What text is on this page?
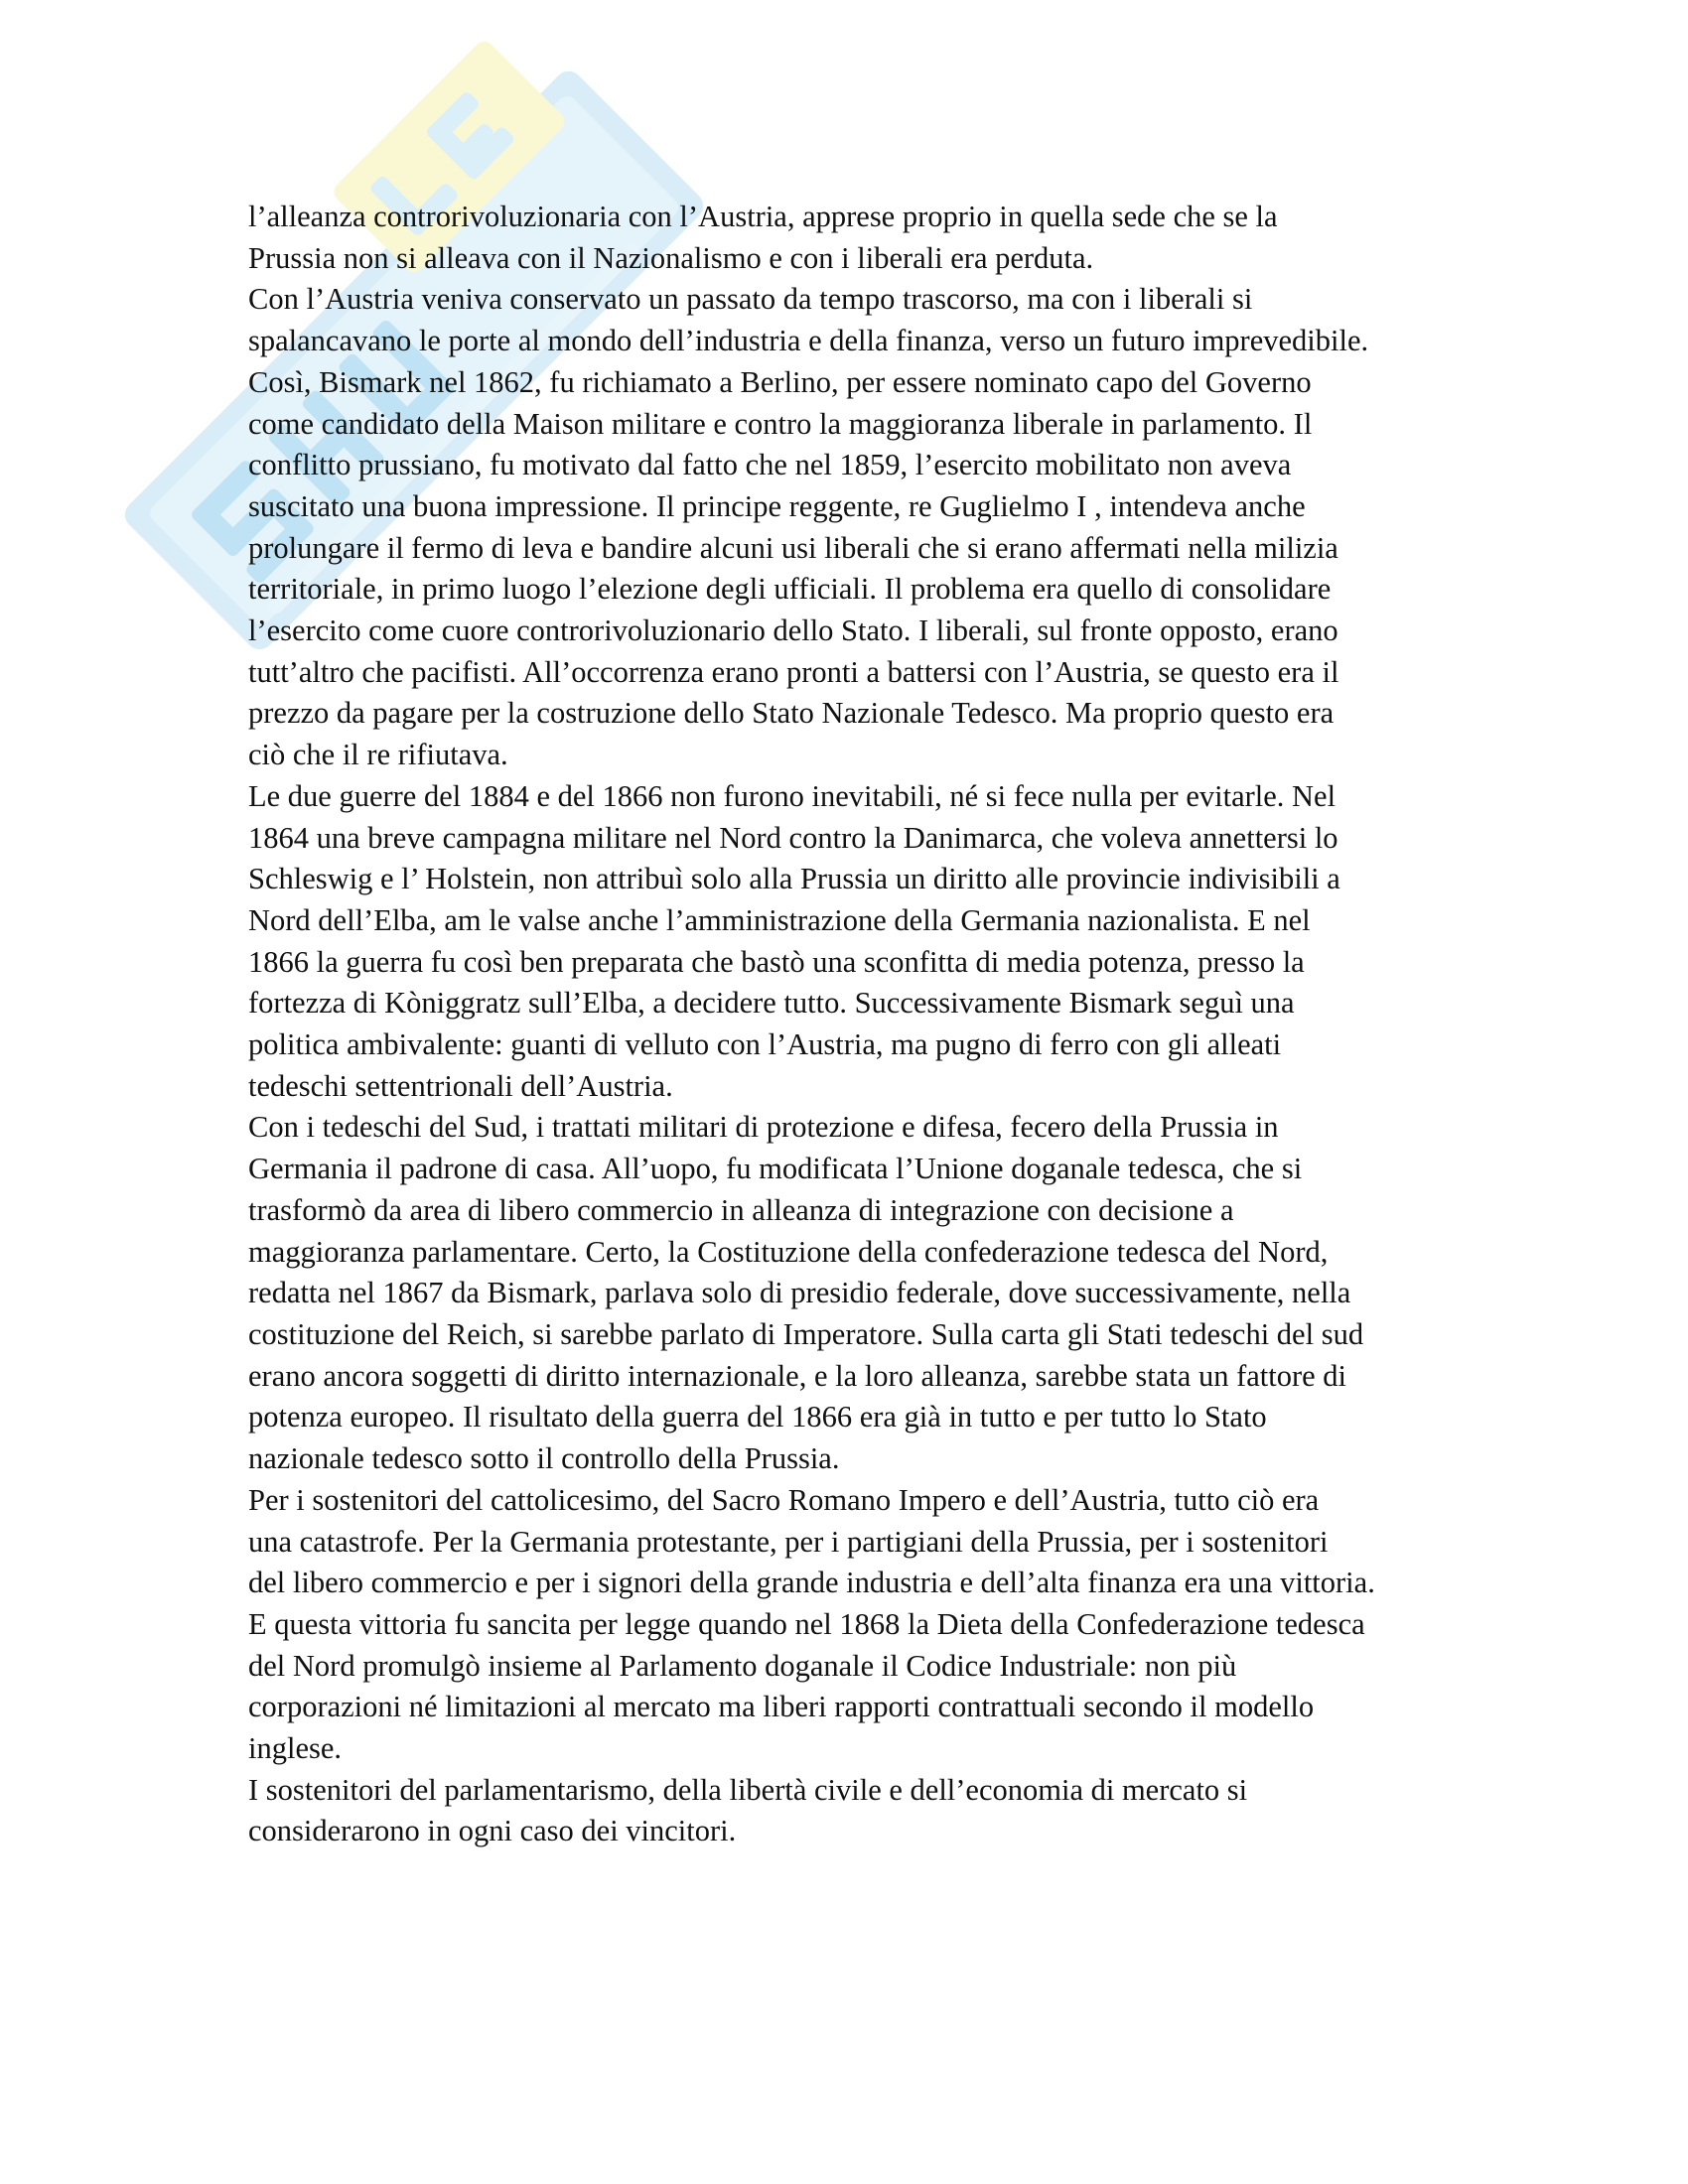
l’alleanza controrivoluzionaria con l’Austria, apprese proprio in quella sede che se la
Prussia non si alleava con il Nazionalismo e con i liberali era perduta.
Con l’Austria veniva conservato un passato da tempo trascorso, ma con i liberali si
spalancavano le porte al mondo dell’industria e della finanza, verso un futuro imprevedibile.
Così, Bismark nel 1862, fu richiamato a Berlino, per essere nominato capo del Governo
come candidato della Maison militare e contro la maggioranza liberale in parlamento. Il
conflitto prussiano, fu motivato dal fatto che nel 1859, l’esercito mobilitato non aveva
suscitato una buona impressione. Il principe reggente, re Guglielmo I , intendeva anche
prolungare il fermo di leva e bandire alcuni usi liberali che si erano affermati nella milizia
territoriale, in primo luogo l’elezione degli ufficiali. Il problema era quello di consolidare
l’esercito come cuore controrivoluzionario dello Stato. I liberali, sul fronte opposto, erano
tutt’altro che pacifisti. All’occorrenza erano pronti a battersi con l’Austria, se questo era il
prezzo da pagare per la costruzione dello Stato Nazionale Tedesco. Ma proprio questo era
ciò che il re rifiutava.
Le due guerre del 1884 e del 1866 non furono inevitabili, né si fece nulla per evitarle. Nel
1864 una breve campagna militare nel Nord contro la Danimarca, che voleva annettersi lo
Schleswig e l’ Holstein, non attribuì solo alla Prussia un diritto alle provincie indivisibili a
Nord dell’Elba, am le valse anche l’amministrazione della Germania nazionalista. E nel
1866 la guerra fu così ben preparata che bastò una sconfitta di media potenza, presso la
fortezza di Kòniggratz sull’Elba, a decidere tutto. Successivamente Bismark seguì una
politica ambivalente: guanti di velluto con l’Austria, ma pugno di ferro con gli alleati
tedeschi settentrionali dell’Austria.
Con i tedeschi del Sud, i trattati militari di protezione e difesa, fecero della Prussia in
Germania il padrone di casa. All’uopo, fu modificata l’Unione doganale tedesca, che si
trasformò da area di libero commercio in alleanza di integrazione con decisione a
maggioranza parlamentare. Certo, la Costituzione della confederazione tedesca del Nord,
redatta nel 1867 da Bismark, parlava solo di presidio federale, dove successivamente, nella
costituzione del Reich, si sarebbe parlato di Imperatore. Sulla carta gli Stati tedeschi del sud
erano ancora soggetti di diritto internazionale, e la loro alleanza, sarebbe stata un fattore di
potenza europeo. Il risultato della guerra del 1866 era già in tutto e per tutto lo Stato
nazionale tedesco sotto il controllo della Prussia.
Per i sostenitori del cattolicesimo, del Sacro Romano Impero e dell’Austria, tutto ciò era
una catastrofe. Per la Germania protestante, per i partigiani della Prussia, per i sostenitori
del libero commercio e per i signori della grande industria e dell’alta finanza era una vittoria.
E questa vittoria fu sancita per legge quando nel 1868 la Dieta della Confederazione tedesca
del Nord promulgò insieme al Parlamento doganale il Codice Industriale: non più
corporazioni né limitazioni al mercato ma liberi rapporti contrattuali secondo il modello
inglese.
I sostenitori del parlamentarismo, della libertà civile e dell’economia di mercato si
considerarono in ogni caso dei vincitori.
